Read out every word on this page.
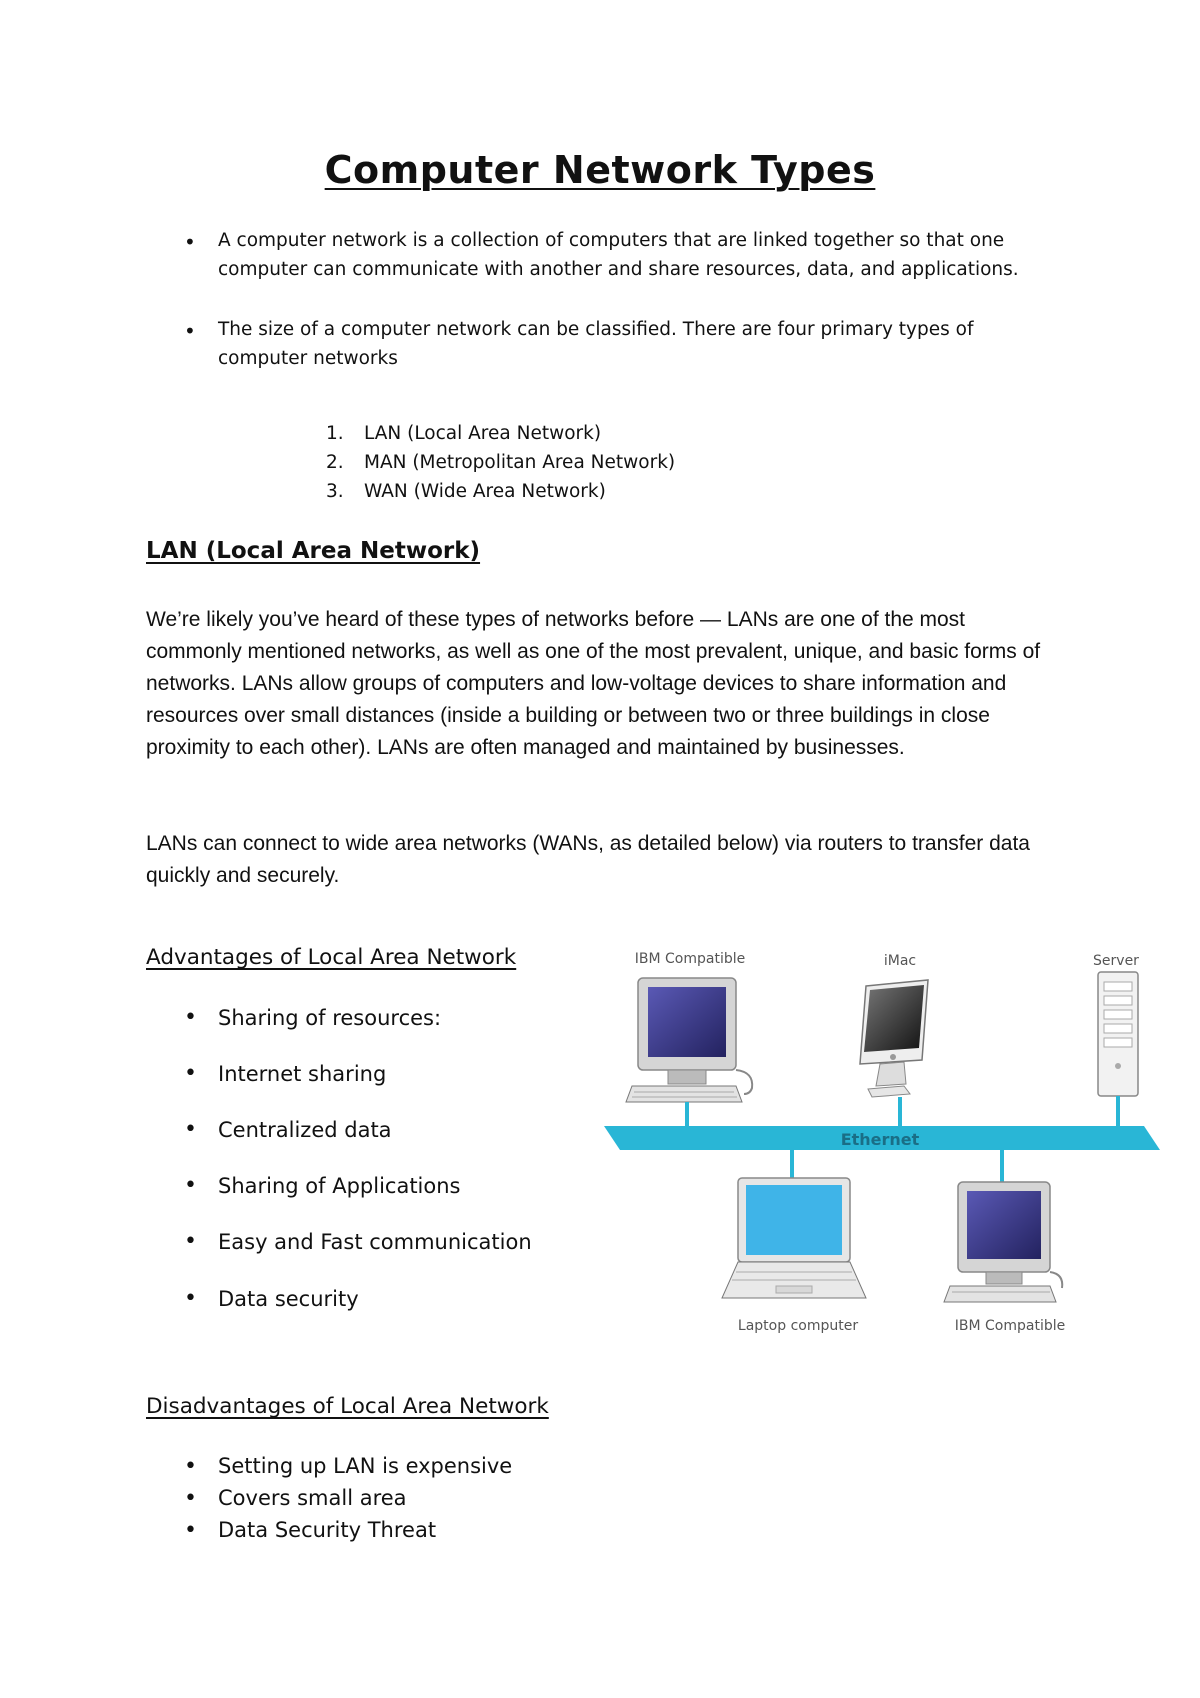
Computer Network Types
• A computer network is a collection of computers that are linked together so that one computer can communicate with another and share resources, data, and applications.
• The size of a computer network can be classified. There are four primary types of computer networks
1.	LAN (Local Area Network)
2.	MAN (Metropolitan Area Network)
3.	WAN (Wide Area Network)
LAN (Local Area Network)
We’re likely you’ve heard of these types of networks before — LANs are one of the most commonly mentioned networks, as well as one of the most prevalent, unique, and basic forms of networks. LANs allow groups of computers and low-voltage devices to share information and resources over small distances (inside a building or between two or three buildings in close proximity to each other). LANs are often managed and maintained by businesses.
LANs can connect to wide area networks (WANs, as detailed below) via routers to transfer data quickly and securely.
Advantages of Local Area Network
• Sharing of resources:
• Internet sharing
• Centralized data
• Sharing of Applications
• Easy and Fast communication
• Data security
Disadvantages of Local Area Network
• Setting up LAN is expensive
• Covers small area
• Data Security Threat
IBM Compatible	iMac	Server
Ethernet
Laptop computer	IBM Compatible
